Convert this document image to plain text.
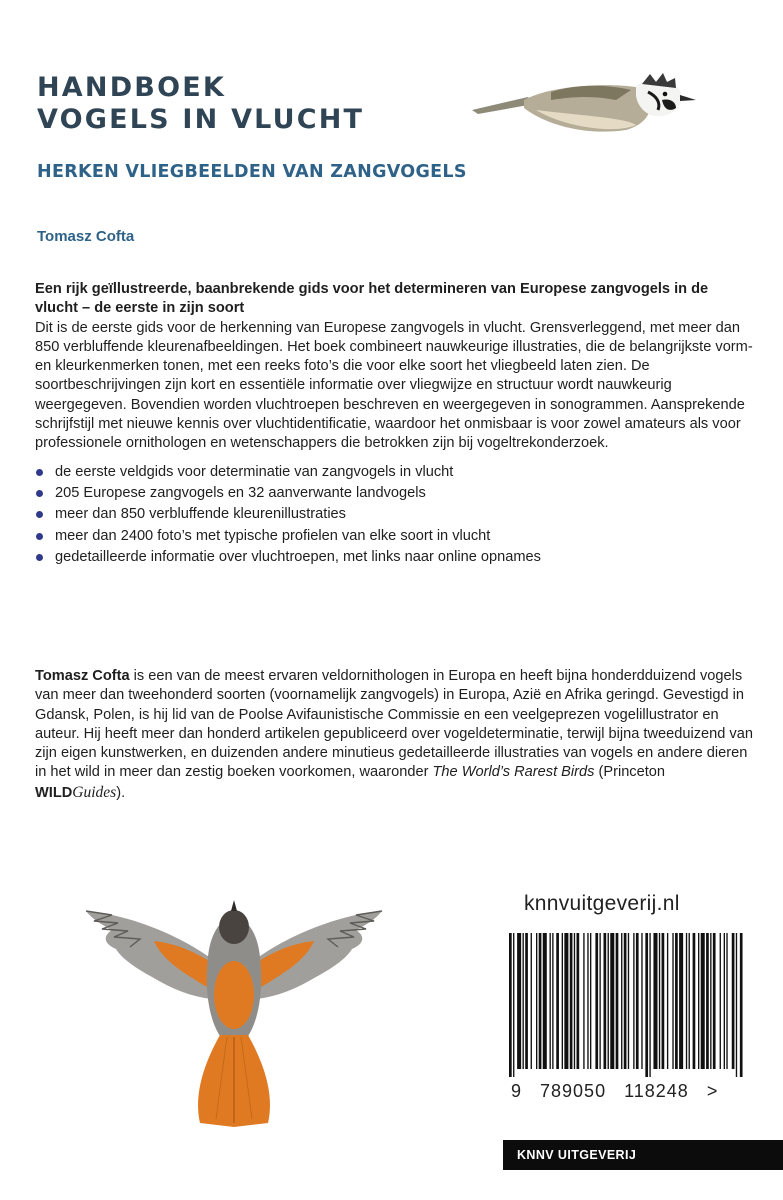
HANDBOEK
VOGELS IN VLUCHT
HERKEN VLIEGBEELDEN VAN ZANGVOGELS
Tomasz Cofta

Een rijk geïllustreerde, baanbrekende gids voor het determineren van Europese zangvogels in de vlucht – de eerste in zijn soort

Dit is de eerste gids voor de herkenning van Europese zangvogels in vlucht. Grensverleggend, met meer dan 850 verbluffende kleurenafbeeldingen. Het boek combineert nauwkeurige illustraties, die de belangrijkste vorm- en kleurkenmerken tonen, met een reeks foto’s die voor elke soort het vliegbeeld laten zien. De soortbeschrijvingen zijn kort en essentiële informatie over vliegwijze en structuur wordt nauwkeurig weergegeven. Bovendien worden vluchtroepen beschreven en weergegeven in sonogrammen. Aansprekende schrijfstijl met nieuwe kennis over vluchtidentificatie, waardoor het onmisbaar is voor zowel amateurs als voor professionele ornithologen en wetenschappers die betrokken zijn bij vogeltrekonderzoek.

de eerste veldgids voor determinatie van zangvogels in vlucht
205 Europese zangvogels en 32 aanverwante landvogels
meer dan 850 verbluffende kleurenillustraties
meer dan 2400 foto’s met typische profielen van elke soort in vlucht
gedetailleerde informatie over vluchtroepen, met links naar online opnames

Tomasz Cofta is een van de meest ervaren veldornithologen in Europa en heeft bijna honderdduizend vogels van meer dan tweehonderd soorten (voornamelijk zangvogels) in Europa, Azië en Afrika geringd. Gevestigd in Gdansk, Polen, is hij lid van de Poolse Avifaunistische Commissie en een veelgeprezen vogelillustrator en auteur. Hij heeft meer dan honderd artikelen gepubliceerd over vogeldeterminatie, terwijl bijna tweeduizend van zijn eigen kunstwerken, en duizenden andere minutieus gedetailleerde illustraties van vogels en andere dieren in het wild in meer dan zestig boeken voorkomen, waaronder The World’s Rarest Birds (Princeton WILDGuides).

knnvuitgeverij.nl

9   789050   118248   >

KNNV UITGEVERIJ
